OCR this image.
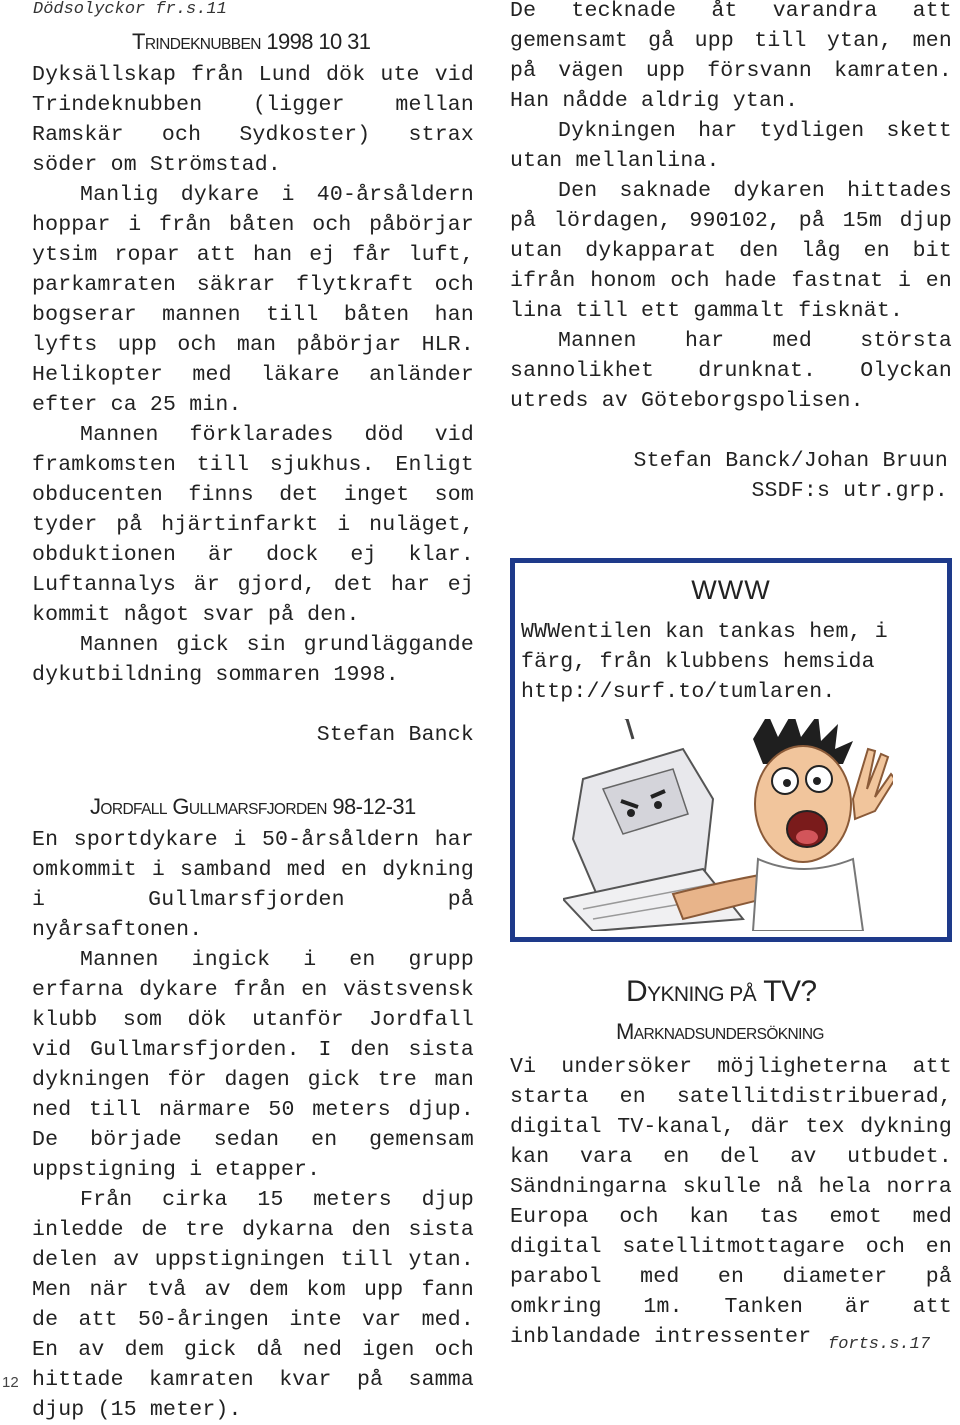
Dödsolyckor fr.s.11
TRINDEKNUBBEN 1998 10 31

Dyksällskap från Lund dök ute vid Trindeknubben (ligger mellan Ramskär och Sydkoster) strax söder om Strömstad.

Manlig dykare i 40-årsåldern hoppar i från båten och påbörjar ytsim ropar att han ej får luft, parkamraten säkrar flytkraft och bogserar mannen till båten han lyfts upp och man påbörjar HLR. Helikopter med läkare anländer efter ca 25 min.

Mannen förklarades död vid framkomsten till sjukhus. Enligt obducenten finns det inget som tyder på hjärtinfarkt i nuläget, obduktionen är dock ej klar. Luftannalys är gjord, det har ej kommit något svar på den.

Mannen gick sin grundläggande dykutbildning sommaren 1998.

Stefan Banck

JORDFALL GULLMARSFJORDEN 98-12-31

En sportdykare i 50-årsåldern har omkommit i samband med en dykning i Gullmarsfjorden på nyårsaftonen.

Mannen ingick i en grupp erfarna dykare från en västsvensk klubb som dök utanför Jordfall vid Gullmarsfjorden. I den sista dykningen för dagen gick tre man ned till närmare 50 meters djup. De började sedan en gemensam uppstigning i etapper.

Från cirka 15 meters djup inledde de tre dykarna den sista delen av uppstigningen till ytan. Men när två av dem kom upp fann de att 50-åringen inte var med. En av dem gick då ned igen och hittade kamraten kvar på samma djup (15 meter).

De tecknade åt varandra att gemensamt gå upp till ytan, men på vägen upp försvann kamraten. Han nådde aldrig ytan.

Dykningen har tydligen skett utan mellanlina.

Den saknade dykaren hittades på lördagen, 990102, på 15m djup utan dykapparat den låg en bit ifrån honom och hade fastnat i en lina till ett gammalt fisknät.

Mannen har med största sannolikhet drunknat. Olyckan utreds av Göteborgspolisen.

Stefan Banck/Johan Bruun

SSDF:s utr.grp.

WWW

WWWentilen kan tankas hem, i färg, från klubbens hemsida http://surf.to/tumlaren.

DYKNING PÅ TV?
MARKNADSUNDERSÖKNING

Vi undersöker möjligheterna att starta en satellitdistribuerad, digital TV-kanal, där tex dykning kan vara en del av utbudet. Sändningarna skulle nå hela norra Europa och kan tas emot med digital satellitmottagare och en parabol med en diameter på omkring 1m. Tanken är att inblandade intressenter forts.s.17
12
